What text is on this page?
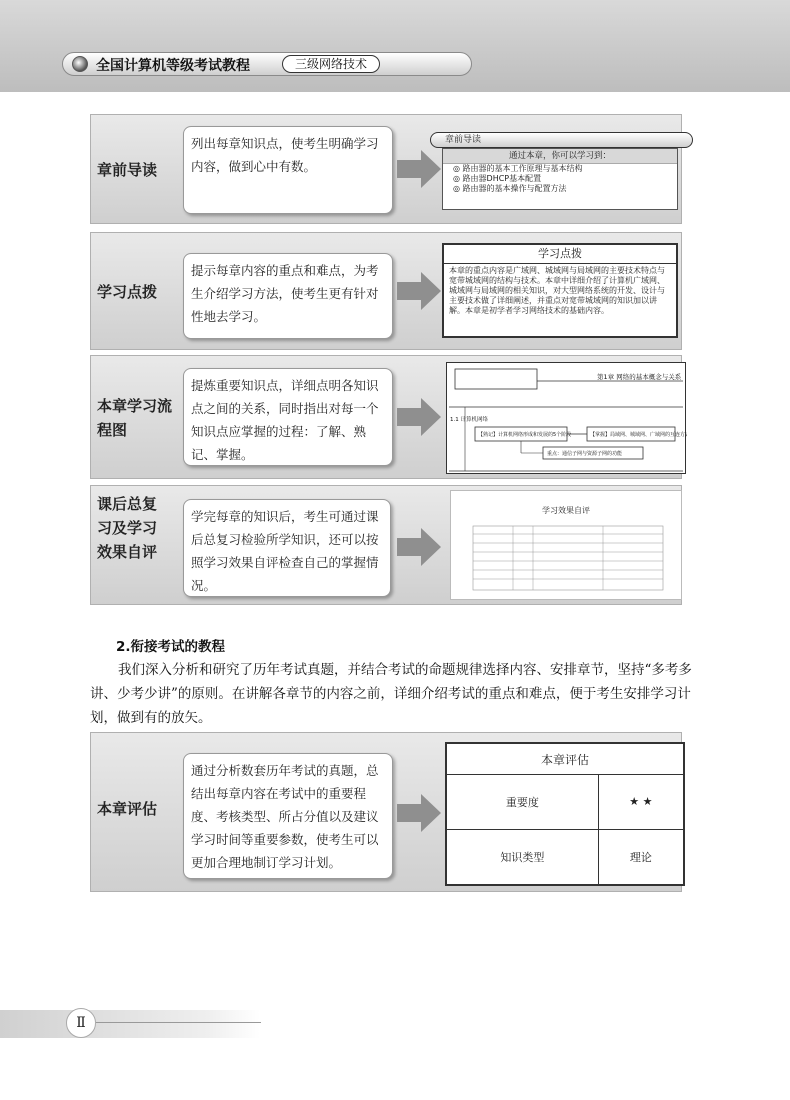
全国计算机等级考试教程	三级网络技术
章前导读
列出每章知识点，使考生明确学习内容，做到心中有数。
章前导读
通过本章，你可以学习到：
◎ 路由器的基本工作原理与基本结构
◎ 路由器DHCP基本配置
◎ 路由器的基本操作与配置方法
学习点拨
提示每章内容的重点和难点，为考生介绍学习方法，使考生更有针对性地去学习。
学习点拨
本章的重点内容是广域网、城域网与局域网的主要技术特点与宽带城域网的结构与技术。本章中详细介绍了计算机广域网、城域网与局域网的相关知识，对大型网络系统的开发、设计与主要技术做了详细阐述，并重点对宽带城域网的知识加以讲解。本章是初学者学习网络技术的基础内容。
本章学习流程图
提炼重要知识点，详细点明各知识点之间的关系，同时指出对每一个知识点应掌握的过程：了解、熟记、掌握。
第1章 网络的基本概念与关系
1.1 计算机网络
【熟记】计算机网络形成和发展的5个阶段	【掌握】局域网、城域网、广域网的互连方式
重点：通信子网与资源子网的功能
课后总复习及学习效果自评
学完每章的知识后，考生可通过课后总复习检验所学知识，还可以按照学习效果自评检查自己的掌握情况。
学习效果自评
2.衔接考试的教程
我们深入分析和研究了历年考试真题，并结合考试的命题规律选择内容、安排章节，坚持“多考多讲、少考少讲”的原则。在讲解各章节的内容之前，详细介绍考试的重点和难点，便于考生安排学习计划，做到有的放矢。
本章评估
通过分析数套历年考试的真题，总结出每章内容在考试中的重要程度、考核类型、所占分值以及建议学习时间等重要参数，使考生可以更加合理地制订学习计划。
本章评估	
重要度	★ ★
知识类型	理论
Ⅱ
